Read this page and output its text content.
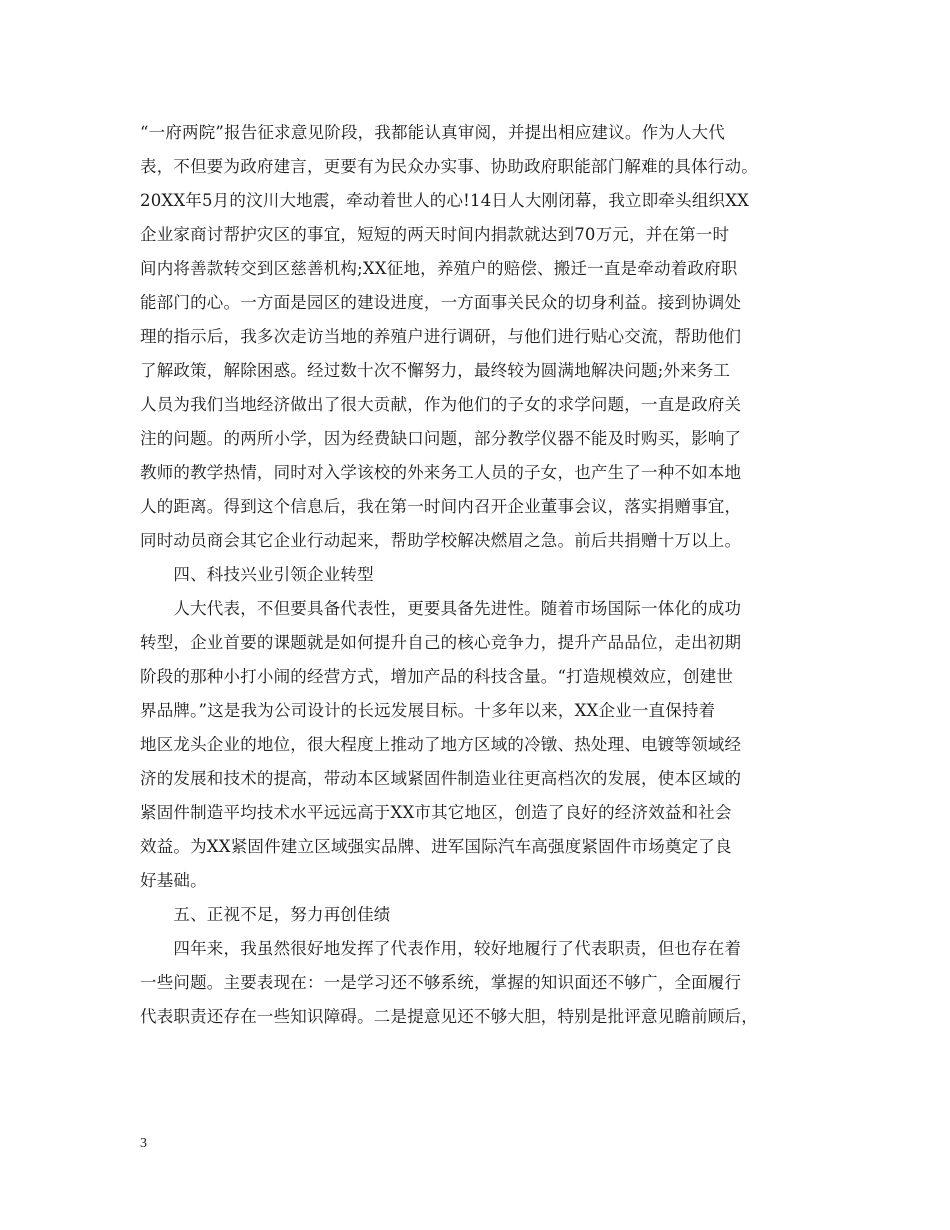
“一府两院”报告征求意见阶段，我都能认真审阅，并提出相应建议。作为人大代
表，不但要为政府建言，更要有为民众办实事、协助政府职能部门解难的具体行动。
20XX年5月的汶川大地震，牵动着世人的心!14日人大刚闭幕，我立即牵头组织XX
企业家商讨帮护灾区的事宜，短短的两天时间内捐款就达到70万元，并在第一时
间内将善款转交到区慈善机构;XX征地，养殖户的赔偿、搬迁一直是牵动着政府职
能部门的心。一方面是园区的建设进度，一方面事关民众的切身利益。接到协调处
理的指示后，我多次走访当地的养殖户进行调研，与他们进行贴心交流，帮助他们
了解政策，解除困惑。经过数十次不懈努力，最终较为圆满地解决问题;外来务工
人员为我们当地经济做出了很大贡献，作为他们的子女的求学问题，一直是政府关
注的问题。的两所小学，因为经费缺口问题，部分教学仪器不能及时购买，影响了
教师的教学热情，同时对入学该校的外来务工人员的子女，也产生了一种不如本地
人的距离。得到这个信息后，我在第一时间内召开企业董事会议，落实捐赠事宜，
同时动员商会其它企业行动起来，帮助学校解决燃眉之急。前后共捐赠十万以上。
　　四、科技兴业引领企业转型
　　人大代表，不但要具备代表性，更要具备先进性。随着市场国际一体化的成功
转型，企业首要的课题就是如何提升自己的核心竞争力，提升产品品位，走出初期
阶段的那种小打小闹的经营方式，增加产品的科技含量。“打造规模效应，创建世
界品牌。”这是我为公司设计的长远发展目标。十多年以来，XX企业一直保持着
地区龙头企业的地位，很大程度上推动了地方区域的冷镦、热处理、电镀等领域经
济的发展和技术的提高，带动本区域紧固件制造业往更高档次的发展，使本区域的
紧固件制造平均技术水平远远高于XX市其它地区，创造了良好的经济效益和社会
效益。为XX紧固件建立区域强实品牌、进军国际汽车高强度紧固件市场奠定了良
好基础。
　　五、正视不足，努力再创佳绩
　　四年来，我虽然很好地发挥了代表作用，较好地履行了代表职责，但也存在着
一些问题。主要表现在：一是学习还不够系统，掌握的知识面还不够广，全面履行
代表职责还存在一些知识障碍。二是提意见还不够大胆，特别是批评意见瞻前顾后，
3
